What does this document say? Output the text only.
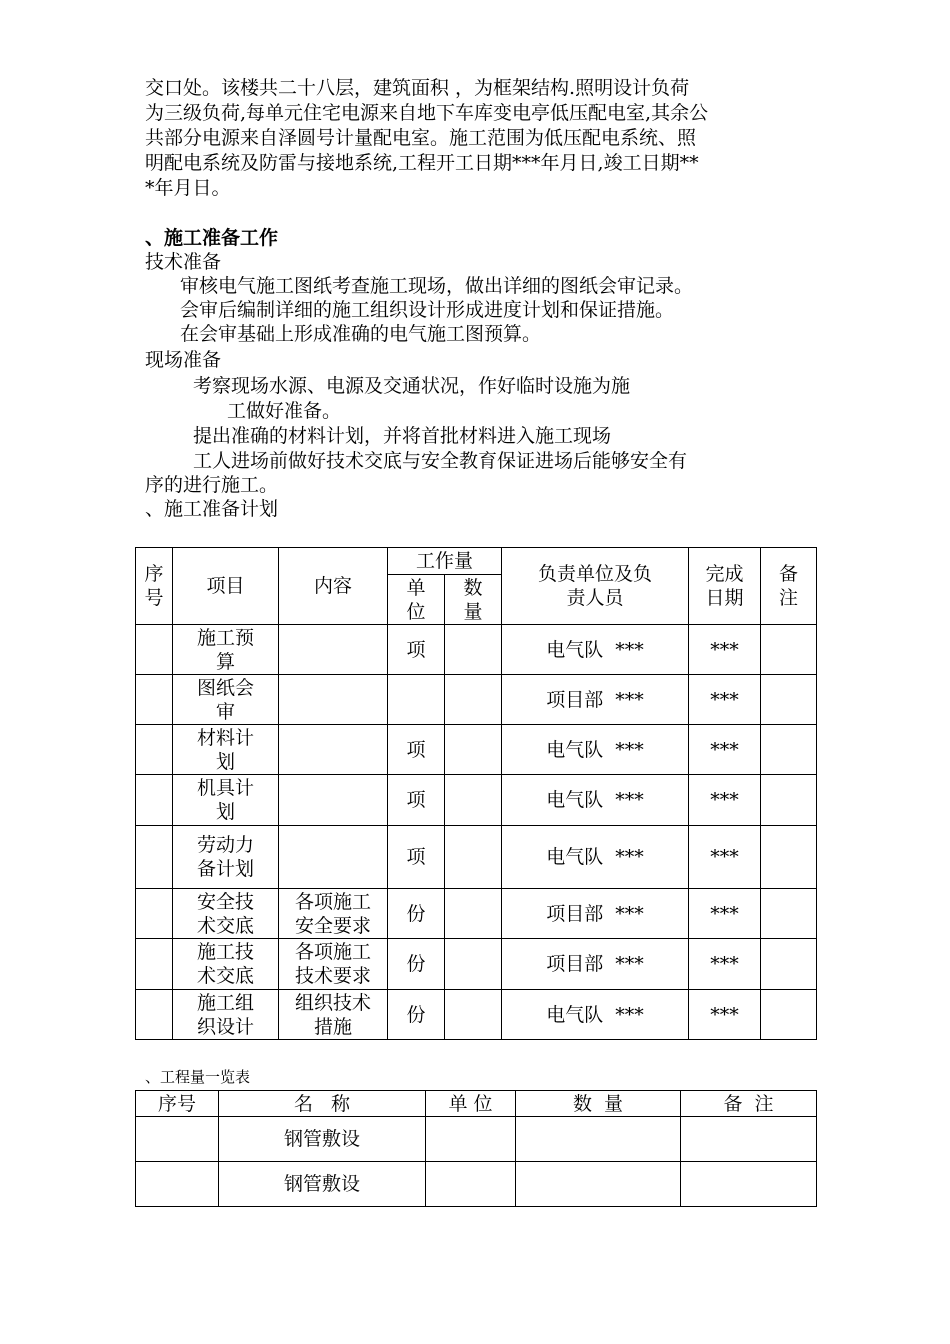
交口处。该楼共二十八层，建筑面积 ，为框架结构.照明设计负荷
为三级负荷,每单元住宅电源来自地下车库变电亭低压配电室,其余公
共部分电源来自泽圆号计量配电室。施工范围为低压配电系统、照
明配电系统及防雷与接地系统,工程开工日期***年月日,竣工日期**
*年月日。
、施工准备工作
技术准备
审核电气施工图纸考查施工现场，做出详细的图纸会审记录。
会审后编制详细的施工组织设计形成进度计划和保证措施。
在会审基础上形成准确的电气施工图预算。
现场准备
考察现场水源、电源及交通状况，作好临时设施为施
工做好准备。
提出准确的材料计划，并将首批材料进入施工现场
工人进场前做好技术交底与安全教育保证进场后能够安全有
序的进行施工。
、施工准备计划
序号	项目	内容	工作量		负责单位及负责人员	完成日期	备注

			单位	数量			

	施工预算		项		电气队  ***	***	

	图纸会审				项目部  ***	***	

	材料计划		项		电气队  ***	***	

	机具计划		项		电气队  ***	***	

	劳动力备计划		项		电气队  ***	***	

	安全技术交底	各项施工安全要求	份		项目部  ***	***	

	施工技术交底	各项施工技术要求	份		项目部  ***	***	

	施工组织设计	组织技术措施	份		电气队  ***	***	
、工程量一览表
序号	名   称	单 位	数  量	备  注
	钢管敷设			
	钢管敷设			
